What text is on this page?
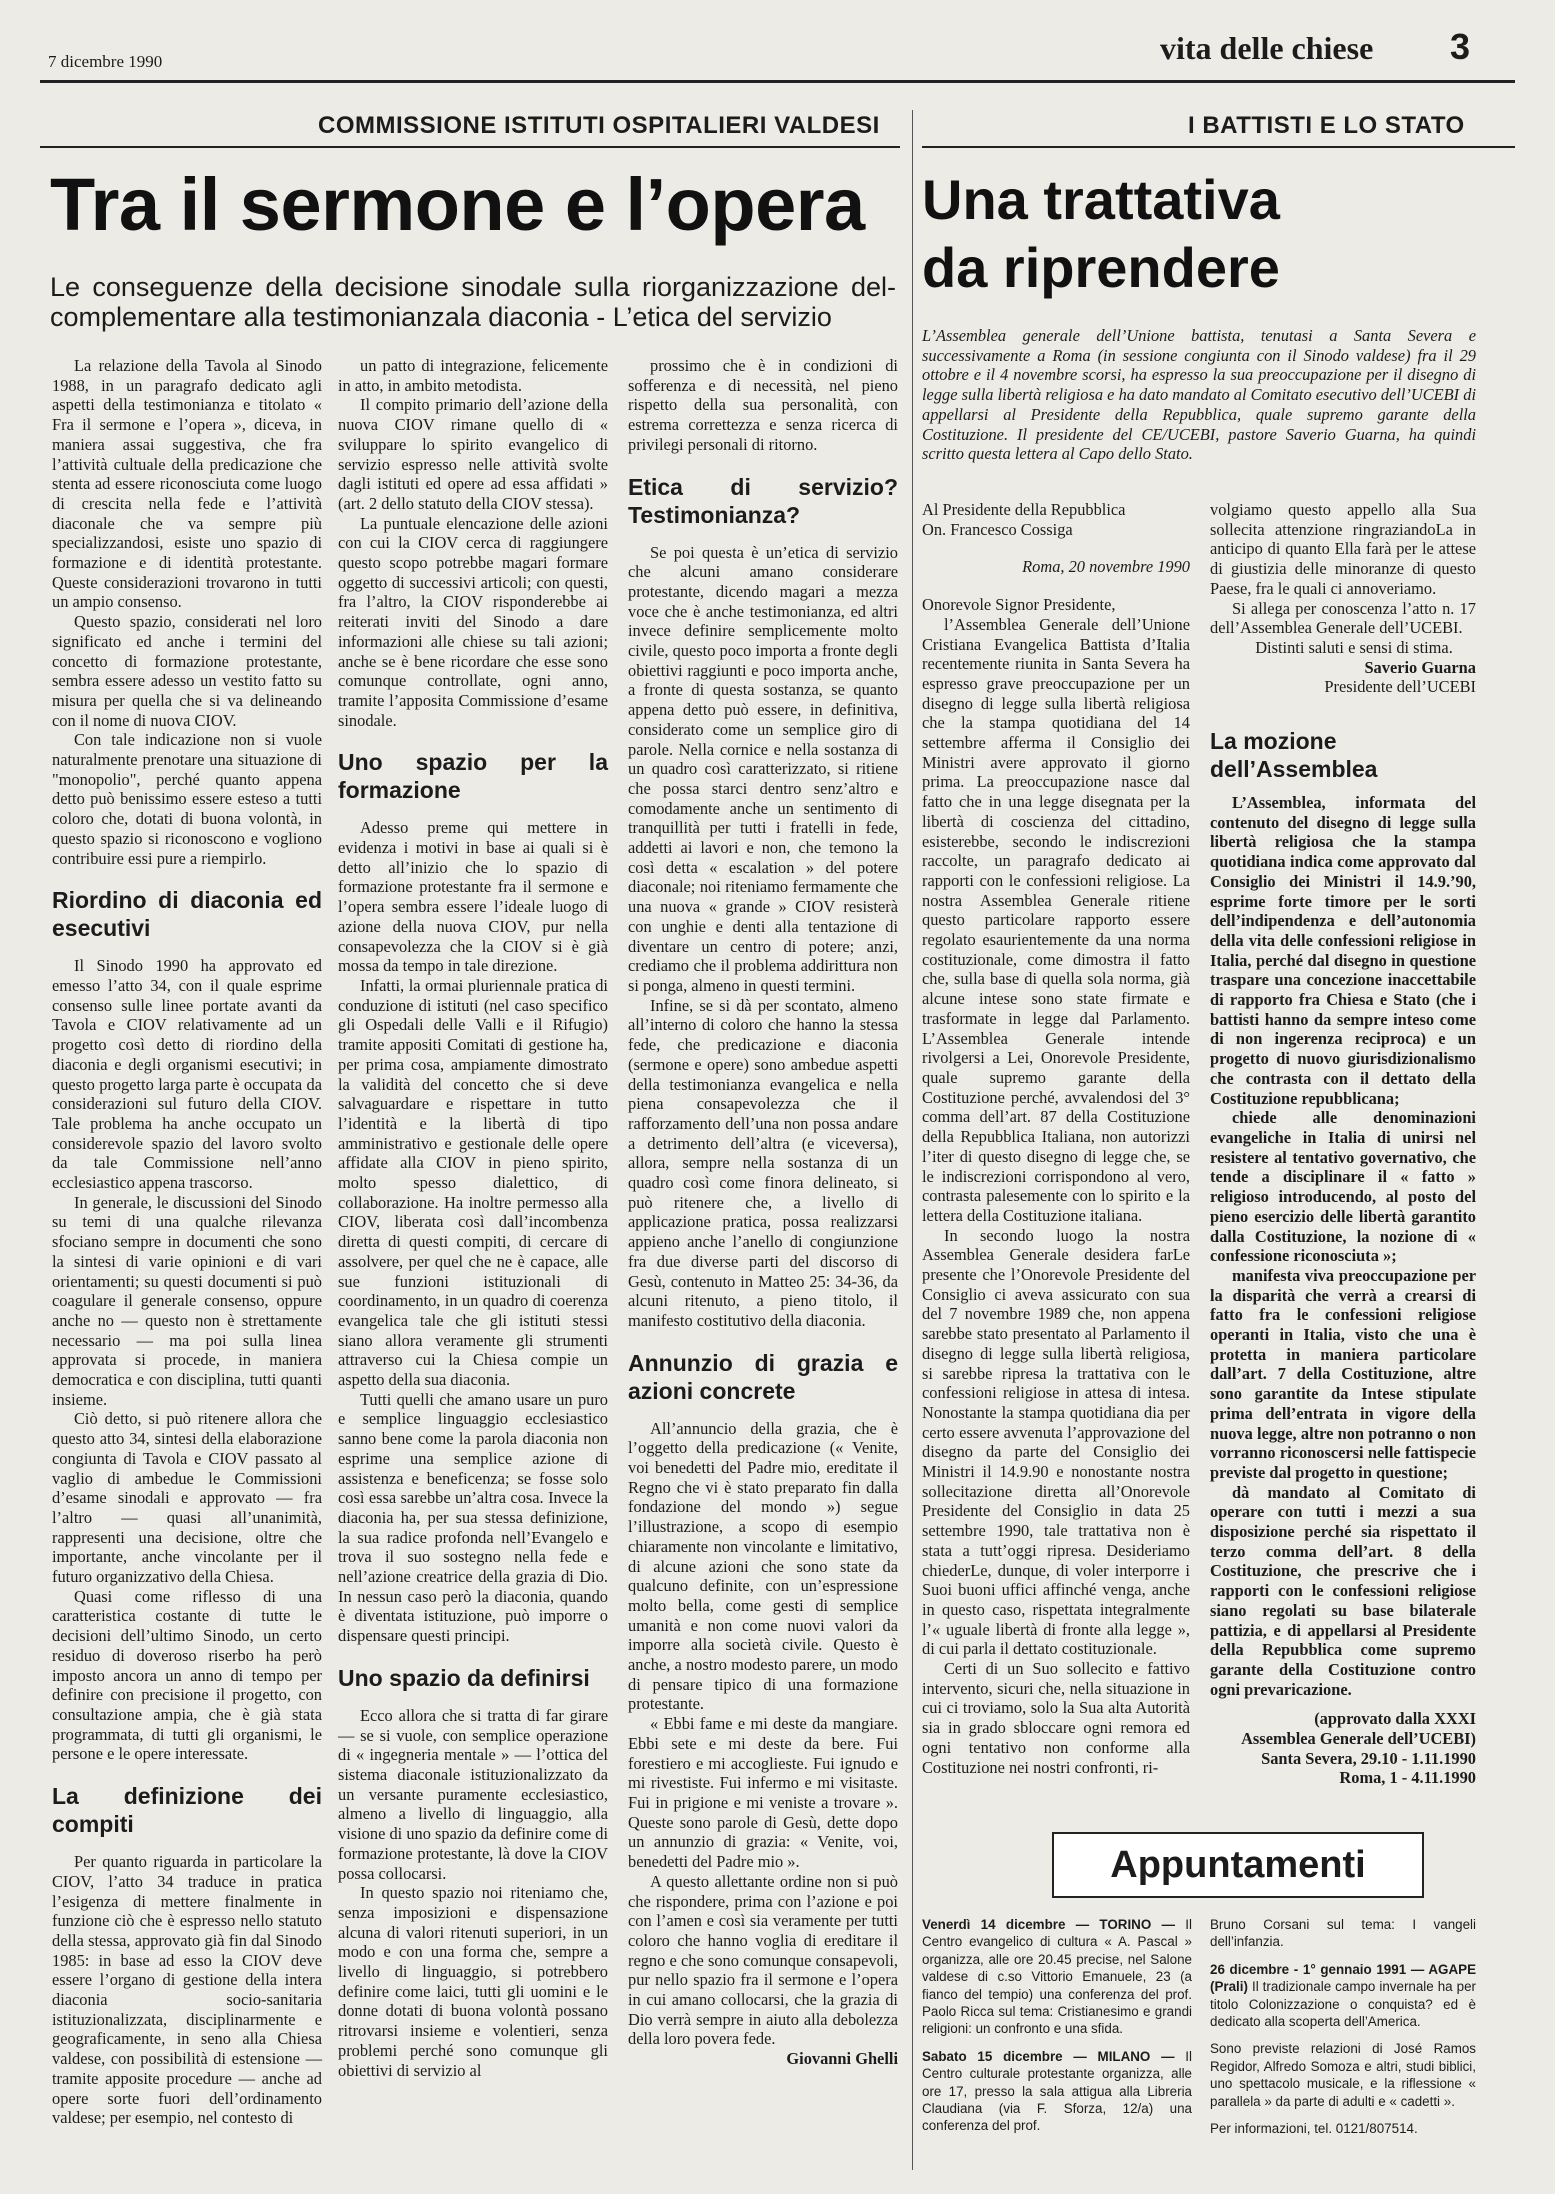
7 dicembre 1990	vita delle chiese 3
COMMISSIONE ISTITUTI OSPITALIERI VALDESI
Tra il sermone e l’opera
Le conseguenze della decisione sinodale sulla riorganizzazione del-complementare alla testimonianzala diaconia - L’etica del servizio

La relazione della Tavola al Sinodo 1988, in un paragrafo dedicato agli aspetti della testimonianza e titolato « Fra il sermone e l’opera », diceva, in maniera assai suggestiva, che fra l’attività cultuale della predicazione che stenta ad essere riconosciuta come luogo di crescita nella fede e l’attività diaconale che va sempre più specializzandosi, esiste uno spazio di formazione e di identità protestante. Queste considerazioni trovarono in tutti un ampio consenso.

Questo spazio, considerati nel loro significato ed anche i termini del concetto di formazione protestante, sembra essere adesso un vestito fatto su misura per quella che si va delineando con il nome di nuova CIOV.

Con tale indicazione non si vuole naturalmente prenotare una situazione di "monopolio", perché quanto appena detto può benissimo essere esteso a tutti coloro che, dotati di buona volontà, in questo spazio si riconoscono e vogliono contribuire essi pure a riempirlo.

Riordino di diaconia ed esecutivi

Il Sinodo 1990 ha approvato ed emesso l’atto 34, con il quale esprime consenso sulle linee portate avanti da Tavola e CIOV relativamente ad un progetto così detto di riordino della diaconia e degli organismi esecutivi; in questo progetto larga parte è occupata da considerazioni sul futuro della CIOV. Tale problema ha anche occupato un considerevole spazio del lavoro svolto da tale Commissione nell’anno ecclesiastico appena trascorso.

In generale, le discussioni del Sinodo su temi di una qualche rilevanza sfociano sempre in documenti che sono la sintesi di varie opinioni e di vari orientamenti; su questi documenti si può coagulare il generale consenso, oppure anche no — questo non è strettamente necessario — ma poi sulla linea approvata si procede, in maniera democratica e con disciplina, tutti quanti insieme.

Ciò detto, si può ritenere allora che questo atto 34, sintesi della elaborazione congiunta di Tavola e CIOV passato al vaglio di ambedue le Commissioni d’esame sinodali e approvato — fra l’altro — quasi all’unanimità, rappresenti una decisione, oltre che importante, anche vincolante per il futuro organizzativo della Chiesa.

Quasi come riflesso di una caratteristica costante di tutte le decisioni dell’ultimo Sinodo, un certo residuo di doveroso riserbo ha però imposto ancora un anno di tempo per definire con precisione il progetto, con consultazione ampia, che è già stata programmata, di tutti gli organismi, le persone e le opere interessate.

La definizione dei compiti

Per quanto riguarda in particolare la CIOV, l’atto 34 traduce in pratica l’esigenza di mettere finalmente in funzione ciò che è espresso nello statuto della stessa, approvato già fin dal Sinodo 1985: in base ad esso la CIOV deve essere l’organo di gestione della intera diaconia socio-sanitaria istituzionalizzata, disciplinarmente e geograficamente, in seno alla Chiesa valdese, con possibilità di estensione — tramite apposite procedure — anche ad opere sorte fuori dell’ordinamento valdese; per esempio, nel contesto di

un patto di integrazione, felicemente in atto, in ambito metodista.

Il compito primario dell’azione della nuova CIOV rimane quello di « sviluppare lo spirito evangelico di servizio espresso nelle attività svolte dagli istituti ed opere ad essa affidati » (art. 2 dello statuto della CIOV stessa).

La puntuale elencazione delle azioni con cui la CIOV cerca di raggiungere questo scopo potrebbe magari formare oggetto di successivi articoli; con questi, fra l’altro, la CIOV risponderebbe ai reiterati inviti del Sinodo a dare informazioni alle chiese su tali azioni; anche se è bene ricordare che esse sono comunque controllate, ogni anno, tramite l’apposita Commissione d’esame sinodale.

Uno spazio per la formazione

Adesso preme qui mettere in evidenza i motivi in base ai quali si è detto all’inizio che lo spazio di formazione protestante fra il sermone e l’opera sembra essere l’ideale luogo di azione della nuova CIOV, pur nella consapevolezza che la CIOV si è già mossa da tempo in tale direzione.

Infatti, la ormai pluriennale pratica di conduzione di istituti (nel caso specifico gli Ospedali delle Valli e il Rifugio) tramite appositi Comitati di gestione ha, per prima cosa, ampiamente dimostrato la validità del concetto che si deve salvaguardare e rispettare in tutto l’identità e la libertà di tipo amministrativo e gestionale delle opere affidate alla CIOV in pieno spirito, molto spesso dialettico, di collaborazione. Ha inoltre permesso alla CIOV, liberata così dall’incombenza diretta di questi compiti, di cercare di assolvere, per quel che ne è capace, alle sue funzioni istituzionali di coordinamento, in un quadro di coerenza evangelica tale che gli istituti stessi siano allora veramente gli strumenti attraverso cui la Chiesa compie un aspetto della sua diaconia.

Tutti quelli che amano usare un puro e semplice linguaggio ecclesiastico sanno bene come la parola diaconia non esprime una semplice azione di assistenza e beneficenza; se fosse solo così essa sarebbe un’altra cosa. Invece la diaconia ha, per sua stessa definizione, la sua radice profonda nell’Evangelo e trova il suo sostegno nella fede e nell’azione creatrice della grazia di Dio. In nessun caso però la diaconia, quando è diventata istituzione, può imporre o dispensare questi principi.

Uno spazio da definirsi

Ecco allora che si tratta di far girare — se si vuole, con semplice operazione di « ingegneria mentale » — l’ottica del sistema diaconale istituzionalizzato da un versante puramente ecclesiastico, almeno a livello di linguaggio, alla visione di uno spazio da definire come di formazione protestante, là dove la CIOV possa collocarsi.

In questo spazio noi riteniamo che, senza imposizioni e dispensazione alcuna di valori ritenuti superiori, in un modo e con una forma che, sempre a livello di linguaggio, si potrebbero definire come laici, tutti gli uomini e le donne dotati di buona volontà possano ritrovarsi insieme e volentieri, senza problemi perché sono comunque gli obiettivi di servizio al

prossimo che è in condizioni di sofferenza e di necessità, nel pieno rispetto della sua personalità, con estrema correttezza e senza ricerca di privilegi personali di ritorno.

Etica di servizio? Testimonianza?

Se poi questa è un’etica di servizio che alcuni amano considerare protestante, dicendo magari a mezza voce che è anche testimonianza, ed altri invece definire semplicemente molto civile, questo poco importa a fronte degli obiettivi raggiunti e poco importa anche, a fronte di questa sostanza, se quanto appena detto può essere, in definitiva, considerato come un semplice giro di parole. Nella cornice e nella sostanza di un quadro così caratterizzato, si ritiene che possa starci dentro senz’altro e comodamente anche un sentimento di tranquillità per tutti i fratelli in fede, addetti ai lavori e non, che temono la così detta « escalation » del potere diaconale; noi riteniamo fermamente che una nuova « grande » CIOV resisterà con unghie e denti alla tentazione di diventare un centro di potere; anzi, crediamo che il problema addirittura non si ponga, almeno in questi termini.

Infine, se si dà per scontato, almeno all’interno di coloro che hanno la stessa fede, che predicazione e diaconia (sermone e opere) sono ambedue aspetti della testimonianza evangelica e nella piena consapevolezza che il rafforzamento dell’una non possa andare a detrimento dell’altra (e viceversa), allora, sempre nella sostanza di un quadro così come finora delineato, si può ritenere che, a livello di applicazione pratica, possa realizzarsi appieno anche l’anello di congiunzione fra due diverse parti del discorso di Gesù, contenuto in Matteo 25: 34-36, da alcuni ritenuto, a pieno titolo, il manifesto costitutivo della diaconia.

Annunzio di grazia e azioni concrete

All’annuncio della grazia, che è l’oggetto della predicazione (« Venite, voi benedetti del Padre mio, ereditate il Regno che vi è stato preparato fin dalla fondazione del mondo ») segue l’illustrazione, a scopo di esempio chiaramente non vincolante e limitativo, di alcune azioni che sono state da qualcuno definite, con un’espressione molto bella, come gesti di semplice umanità e non come nuovi valori da imporre alla società civile. Questo è anche, a nostro modesto parere, un modo di pensare tipico di una formazione protestante.

« Ebbi fame e mi deste da mangiare. Ebbi sete e mi deste da bere. Fui forestiero e mi accoglieste. Fui ignudo e mi rivestiste. Fui infermo e mi visitaste. Fui in prigione e mi veniste a trovare ». Queste sono parole di Gesù, dette dopo un annunzio di grazia: « Venite, voi, benedetti del Padre mio ».

A questo allettante ordine non si può che rispondere, prima con l’azione e poi con l’amen e così sia veramente per tutti coloro che hanno voglia di ereditare il regno e che sono comunque consapevoli, pur nello spazio fra il sermone e l’opera in cui amano collocarsi, che la grazia di Dio verrà sempre in aiuto alla debolezza della loro povera fede.

Giovanni Ghelli
I BATTISTI E LO STATO
Una trattativa
da riprendere
L’Assemblea generale dell’Unione battista, tenutasi a Santa Severa e successivamente a Roma (in sessione congiunta con il Sinodo valdese) fra il 29 ottobre e il 4 novembre scorsi, ha espresso la sua preoccupazione per il disegno di legge sulla libertà religiosa e ha dato mandato al Comitato esecutivo dell’UCEBI di appellarsi al Presidente della Repubblica, quale supremo garante della Costituzione. Il presidente del CE/UCEBI, pastore Saverio Guarna, ha quindi scritto questa lettera al Capo dello Stato.
Al Presidente della Repubblica
On. Francesco Cossiga
Roma, 20 novembre 1990
Onorevole Signor Presidente,

l’Assemblea Generale dell’Unione Cristiana Evangelica Battista d’Italia recentemente riunita in Santa Severa ha espresso grave preoccupazione per un disegno di legge sulla libertà religiosa che la stampa quotidiana del 14 settembre afferma il Consiglio dei Ministri avere approvato il giorno prima. La preoccupazione nasce dal fatto che in una legge disegnata per la libertà di coscienza del cittadino, esisterebbe, secondo le indiscrezioni raccolte, un paragrafo dedicato ai rapporti con le confessioni religiose. La nostra Assemblea Generale ritiene questo particolare rapporto essere regolato esaurientemente da una norma costituzionale, come dimostra il fatto che, sulla base di quella sola norma, già alcune intese sono state firmate e trasformate in legge dal Parlamento. L’Assemblea Generale intende rivolgersi a Lei, Onorevole Presidente, quale supremo garante della Costituzione perché, avvalendosi del 3° comma dell’art. 87 della Costituzione della Repubblica Italiana, non autorizzi l’iter di questo disegno di legge che, se le indiscrezioni corrispondono al vero, contrasta palesemente con lo spirito e la lettera della Costituzione italiana.

In secondo luogo la nostra Assemblea Generale desidera farLe presente che l’Onorevole Presidente del Consiglio ci aveva assicurato con sua del 7 novembre 1989 che, non appena sarebbe stato presentato al Parlamento il disegno di legge sulla libertà religiosa, si sarebbe ripresa la trattativa con le confessioni religiose in attesa di intesa. Nonostante la stampa quotidiana dia per certo essere avvenuta l’approvazione del disegno da parte del Consiglio dei Ministri il 14.9.90 e nonostante nostra sollecitazione diretta all’Onorevole Presidente del Consiglio in data 25 settembre 1990, tale trattativa non è stata a tutt’oggi ripresa. Desideriamo chiederLe, dunque, di voler interporre i Suoi buoni uffici affinché venga, anche in questo caso, rispettata integralmente l’« uguale libertà di fronte alla legge », di cui parla il dettato costituzionale.

Certi di un Suo sollecito e fattivo intervento, sicuri che, nella situazione in cui ci troviamo, solo la Sua alta Autorità sia in grado sbloccare ogni remora ed ogni tentativo non conforme alla Costituzione nei nostri confronti, ri-

volgiamo questo appello alla Sua sollecita attenzione ringraziandoLa in anticipo di quanto Ella farà per le attese di giustizia delle minoranze di questo Paese, fra le quali ci annoveriamo.

Si allega per conoscenza l’atto n. 17 dell’Assemblea Generale dell’UCEBI.

Distinti saluti e sensi di stima.

Saverio Guarna
Presidente dell’UCEBI
La mozione
dell’Assemblea

L’Assemblea, informata del contenuto del disegno di legge sulla libertà religiosa che la stampa quotidiana indica come approvato dal Consiglio dei Ministri il 14.9.’90, esprime forte timore per le sorti dell’indipendenza e dell’autonomia della vita delle confessioni religiose in Italia, perché dal disegno in questione traspare una concezione inaccettabile di rapporto fra Chiesa e Stato (che i battisti hanno da sempre inteso come di non ingerenza reciproca) e un progetto di nuovo giurisdizionalismo che contrasta con il dettato della Costituzione repubblicana;

chiede alle denominazioni evangeliche in Italia di unirsi nel resistere al tentativo governativo, che tende a disciplinare il « fatto » religioso introducendo, al posto del pieno esercizio delle libertà garantito dalla Costituzione, la nozione di « confessione riconosciuta »;

manifesta viva preoccupazione per la disparità che verrà a crearsi di fatto fra le confessioni religiose operanti in Italia, visto che una è protetta in maniera particolare dall’art. 7 della Costituzione, altre sono garantite da Intese stipulate prima dell’entrata in vigore della nuova legge, altre non potranno o non vorranno riconoscersi nelle fattispecie previste dal progetto in questione;

dà mandato al Comitato di operare con tutti i mezzi a sua disposizione perché sia rispettato il terzo comma dell’art. 8 della Costituzione, che prescrive che i rapporti con le confessioni religiose siano regolati su base bilaterale pattizia, e di appellarsi al Presidente della Repubblica come supremo garante della Costituzione contro ogni prevaricazione.

(approvato dalla XXXI
Assemblea Generale dell’UCEBI)
Santa Severa, 29.10 - 1.11.1990
Roma, 1 - 4.11.1990
Appuntamenti

Venerdì 14 dicembre — TORINO — Il Centro evangelico di cultura « A. Pascal » organizza, alle ore 20.45 precise, nel Salone valdese di c.so Vittorio Emanuele, 23 (a fianco del tempio) una conferenza del prof. Paolo Ricca sul tema: Cristianesimo e grandi religioni: un confronto e una sfida.

Sabato 15 dicembre — MILANO — Il Centro culturale protestante organizza, alle ore 17, presso la sala attigua alla Libreria Claudiana (via F. Sforza, 12/a) una conferenza del prof.

Bruno Corsani sul tema: I vangeli dell’infanzia.

26 dicembre - 1° gennaio 1991 — AGAPE (Prali) Il tradizionale campo invernale ha per titolo Colonizzazione o conquista? ed è dedicato alla scoperta dell’America.

Sono previste relazioni di José Ramos Regidor, Alfredo Somoza e altri, studi biblici, uno spettacolo musicale, e la riflessione « parallela » da parte di adulti e « cadetti ».

Per informazioni, tel. 0121/807514.
